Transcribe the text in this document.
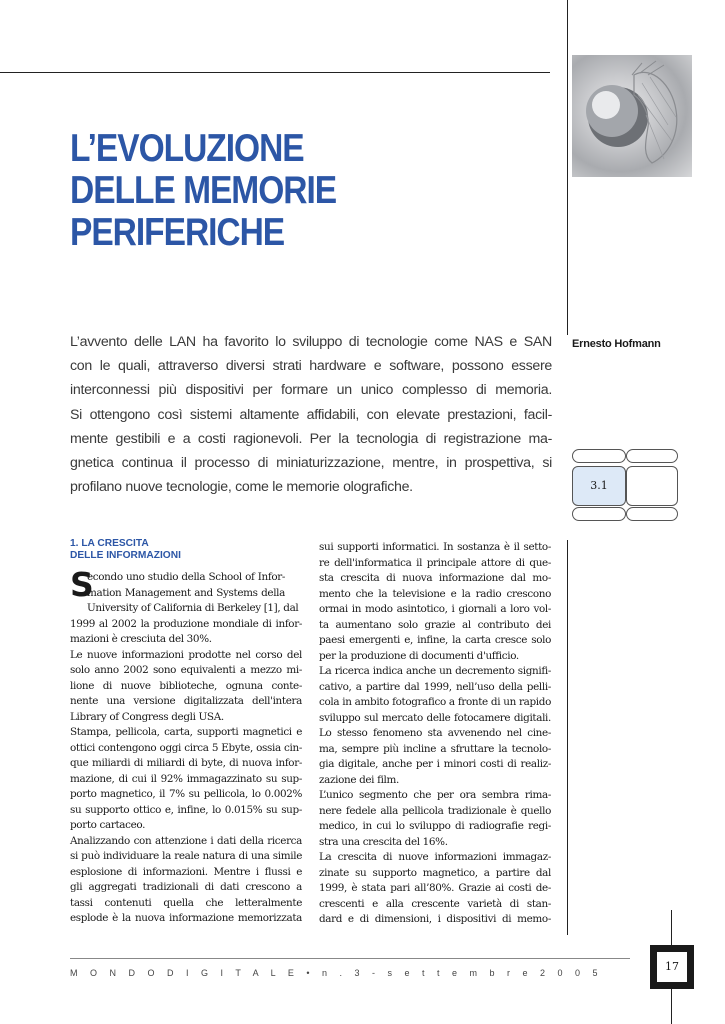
L’EVOLUZIONE
DELLE MEMORIE
PERIFERICHE
Ernesto Hofmann
L’avvento delle LAN ha favorito lo sviluppo di tecnologie come NAS e SAN
con le quali, attraverso diversi strati hardware e software, possono essere
interconnessi più dispositivi per formare un unico complesso di memoria.
Si ottengono così sistemi altamente affidabili, con elevate prestazioni, facil-
mente gestibili e a costi ragionevoli. Per la tecnologia di registrazione ma-
gnetica continua il processo di miniaturizzazione, mentre, in prospettiva, si
profilano nuove tecnologie, come le memorie olografiche.	3.1
1. LA CRESCITA
DELLE INFORMAZIONI
S
econdo uno studio della School of Infor-
mation Management and Systems della
University of California di Berkeley [1], dal
1999 al 2002 la produzione mondiale di infor-
mazioni è cresciuta del 30%.
Le nuove informazioni prodotte nel corso del
solo anno 2002 sono equivalenti a mezzo mi-
lione di nuove biblioteche, ognuna conte-
nente una versione digitalizzata dell'intera
Library of Congress degli USA.
Stampa, pellicola, carta, supporti magnetici e
ottici contengono oggi circa 5 Ebyte, ossia cin-
que miliardi di miliardi di byte, di nuova infor-
mazione, di cui il 92% immagazzinato su sup-
porto magnetico, il 7% su pellicola, lo 0.002%
su supporto ottico e, infine, lo 0.015% su sup-
porto cartaceo.
Analizzando con attenzione i dati della ricerca
si può individuare la reale natura di una simile
esplosione di informazioni. Mentre i flussi e
gli aggregati tradizionali di dati crescono a
tassi contenuti quella che letteralmente
esplode è la nuova informazione memorizzata
sui supporti informatici. In sostanza è il setto-
re dell'informatica il principale attore di que-
sta crescita di nuova informazione dal mo-
mento che la televisione e la radio crescono
ormai in modo asintotico, i giornali a loro vol-
ta aumentano solo grazie al contributo dei
paesi emergenti e, infine, la carta cresce solo
per la produzione di documenti d'ufficio.
La ricerca indica anche un decremento signifi-
cativo, a partire dal 1999, nell’uso della pelli-
cola in ambito fotografico a fronte di un rapido
sviluppo sul mercato delle fotocamere digitali.
Lo stesso fenomeno sta avvenendo nel cine-
ma, sempre più incline a sfruttare la tecnolo-
gia digitale, anche per i minori costi di realiz-
zazione dei film.
L’unico segmento che per ora sembra rima-
nere fedele alla pellicola tradizionale è quello
medico, in cui lo sviluppo di radiografie regi-
stra una crescita del 16%.
La crescita di nuove informazioni immagaz-
zinate su supporto magnetico, a partire dal
1999, è stata pari all’80%. Grazie ai costi de-
crescenti e alla crescente varietà di stan-
dard e di dimensioni, i dispositivi di memo-
M O N D O D I G I T A L E • n . 3 - s e t t e m b r e 2 0 0 5	17
